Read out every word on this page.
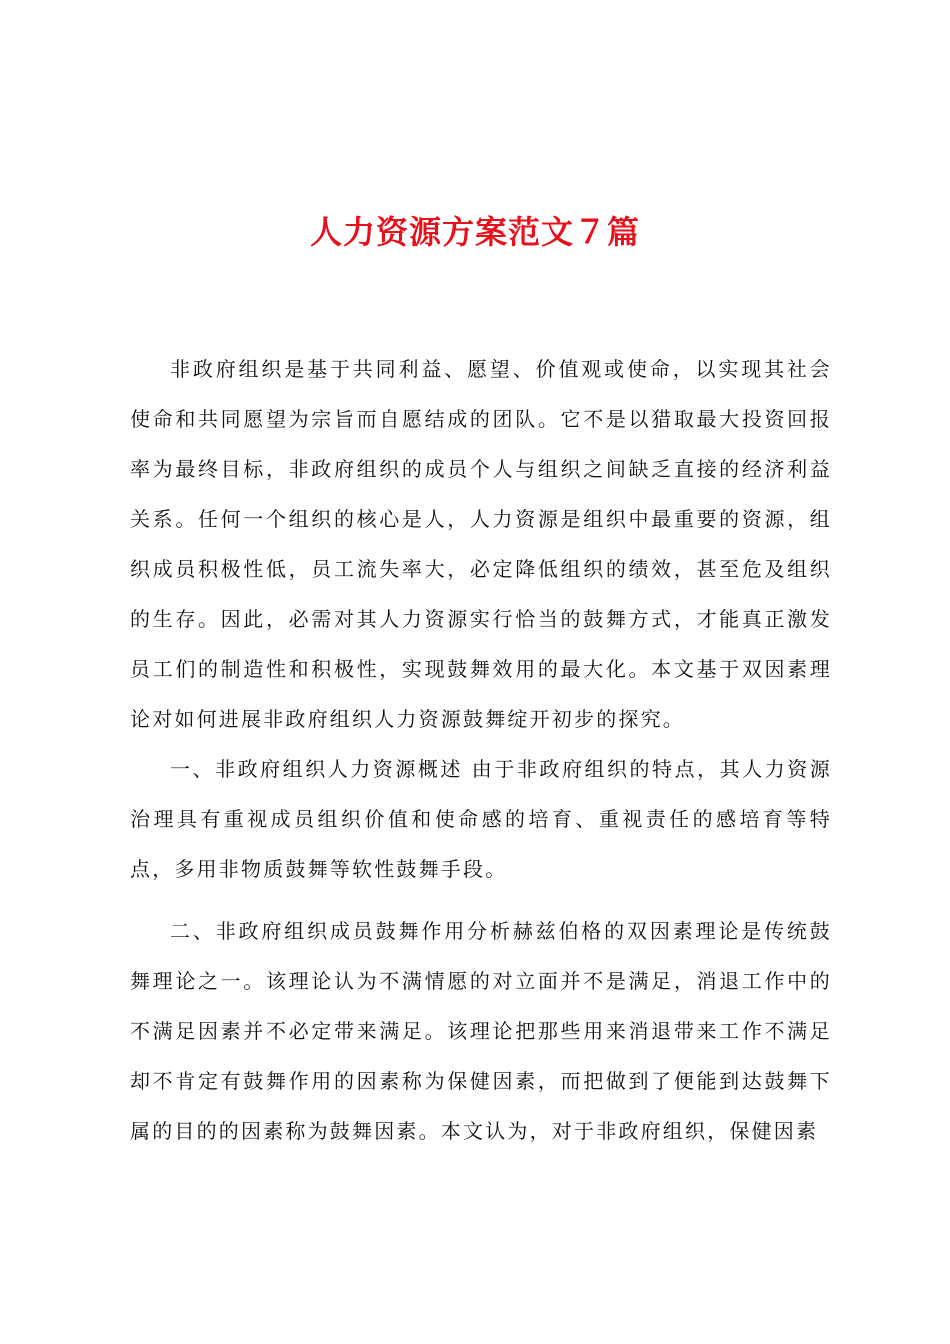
人力资源方案范文７篇

非政府组织是基于共同利益、愿望、价值观或使命，以实现其社会使命和共同愿望为宗旨而自愿结成的团队。它不是以猎取最大投资回报率为最终目标，非政府组织的成员个人与组织之间缺乏直接的经济利益关系。任何一个组织的核心是人，人力资源是组织中最重要的资源，组织成员积极性低，员工流失率大，必定降低组织的绩效，甚至危及组织的生存。因此，必需对其人力资源实行恰当的鼓舞方式，才能真正激发员工们的制造性和积极性，实现鼓舞效用的最大化。本文基于双因素理论对如何进展非政府组织人力资源鼓舞绽开初步的探究。

一、非政府组织人力资源概述 由于非政府组织的特点，其人力资源治理具有重视成员组织价值和使命感的培育、重视责任的感培育等特点，多用非物质鼓舞等软性鼓舞手段。

二、非政府组织成员鼓舞作用分析赫兹伯格的双因素理论是传统鼓舞理论之一。该理论认为不满情愿的对立面并不是满足，消退工作中的不满足因素并不必定带来满足。该理论把那些用来消退带来工作不满足却不肯定有鼓舞作用的因素称为保健因素，而把做到了便能到达鼓舞下属的目的的因素称为鼓舞因素。本文认为，对于非政府组织，保健因素
